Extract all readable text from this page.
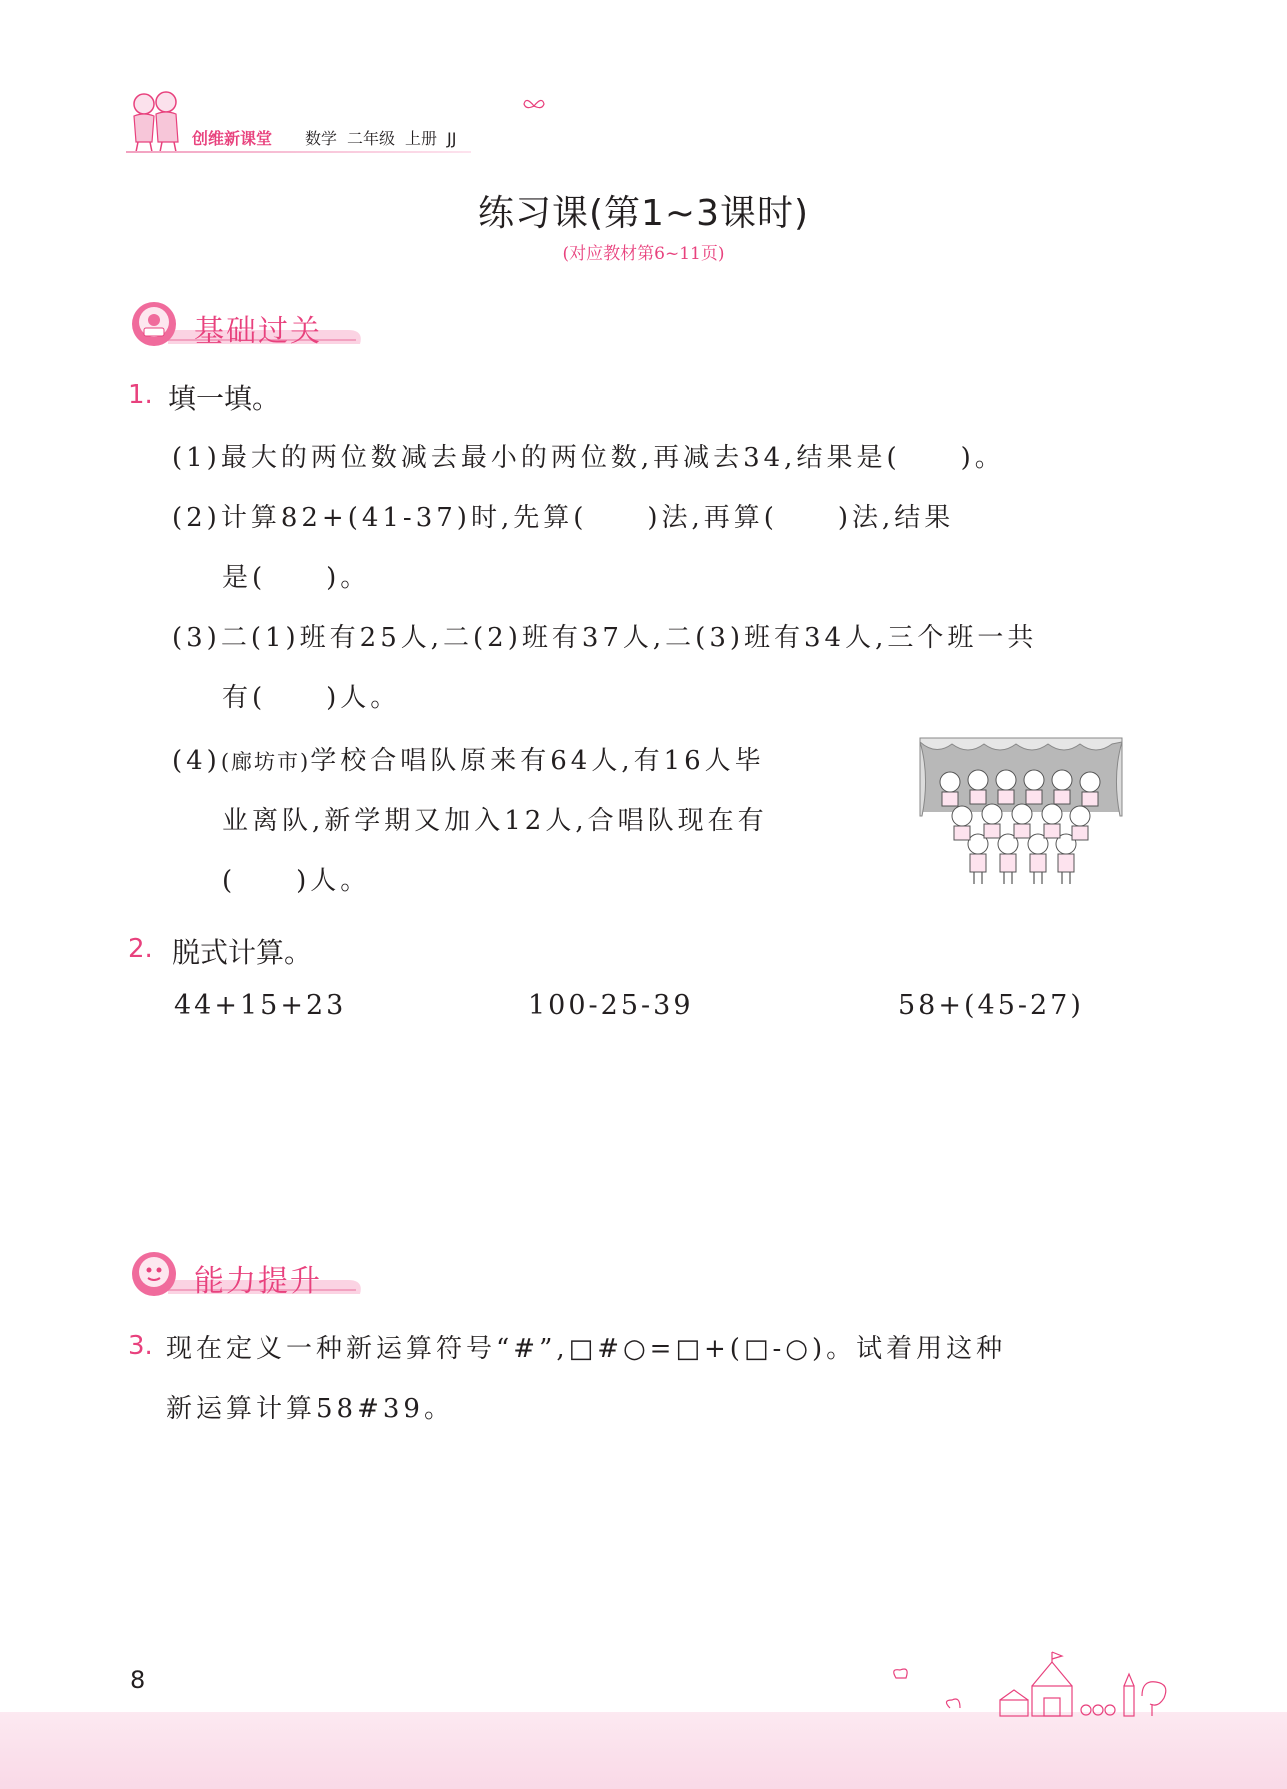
创维新课堂 数学 二年级 上册 JJ
练习课(第1~3课时)
(对应教材第6~11页)
基础过关
1. 填一填。
(1)最大的两位数减去最小的两位数,再减去34,结果是(　　)。
(2)计算82+(41-37)时,先算(　　)法,再算(　　)法,结果
是(　　)。
(3)二(1)班有25人,二(2)班有37人,二(3)班有34人,三个班一共
有(　　)人。
(4)(廊坊市)学校合唱队原来有64人,有16人毕
业离队,新学期又加入12人,合唱队现在有
(　　)人。
2. 脱式计算。
44+15+23	100-25-39	58+(45-27)
能力提升
3. 现在定义一种新运算符号“#”,□#○=□+(□-○)。试着用这种
新运算计算58#39。
8
